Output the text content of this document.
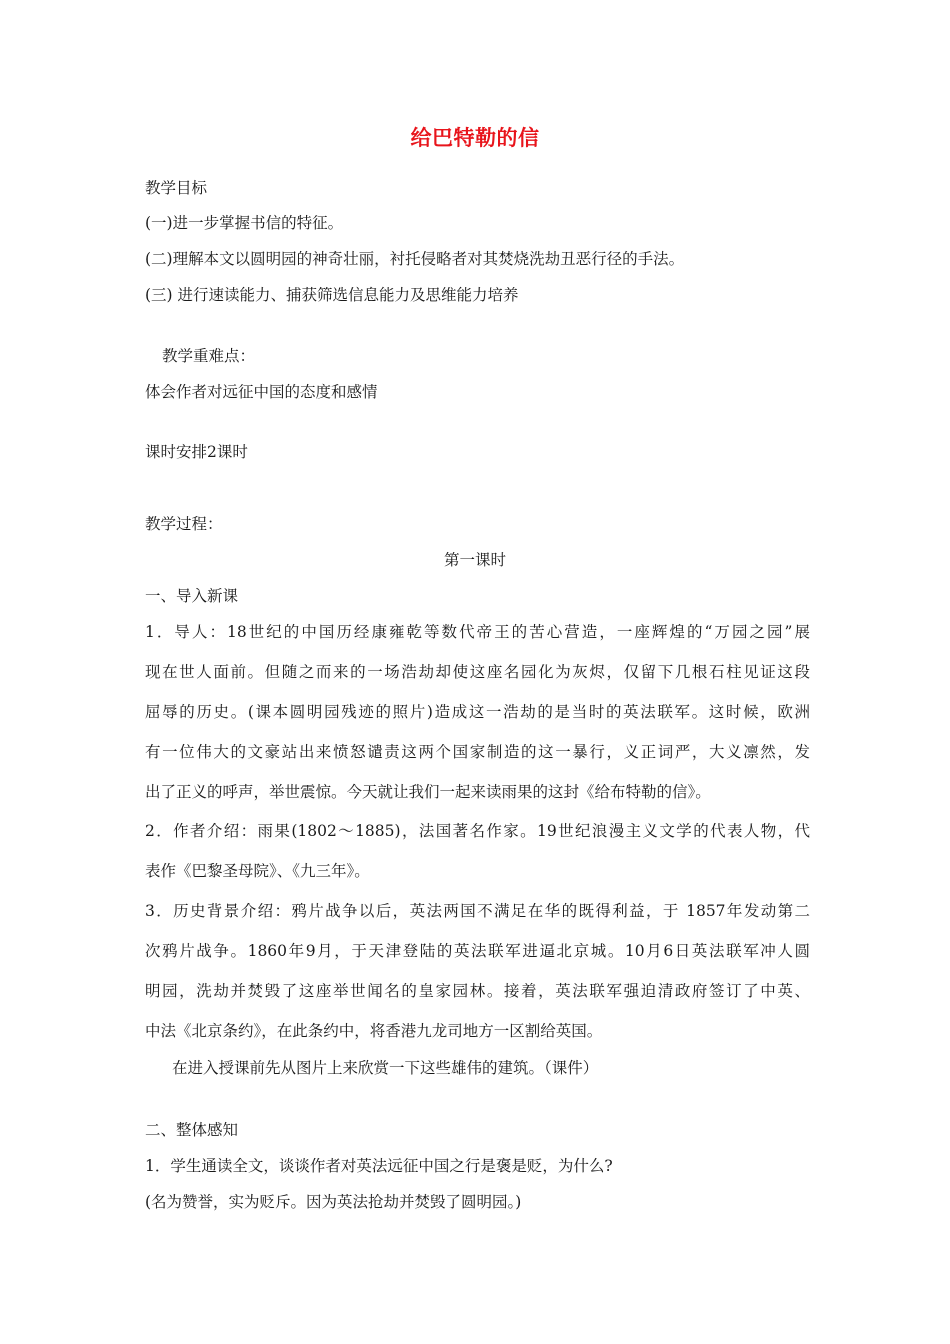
给巴特勒的信
教学目标
(一)进一步掌握书信的特征。
(二)理解本文以圆明园的神奇壮丽，衬托侵略者对其焚烧洗劫丑恶行径的手法。
(三) 进行速读能力、捕获筛选信息能力及思维能力培养
教学重难点：
体会作者对远征中国的态度和感情
课时安排2课时
教学过程：
第一课时
一、导入新课
1．导人：18世纪的中国历经康雍乾等数代帝王的苦心营造，一座辉煌的“万园之园”展
现在世人面前。但随之而来的一场浩劫却使这座名园化为灰烬，仅留下几根石柱见证这段
屈辱的历史。(课本圆明园残迹的照片)造成这一浩劫的是当时的英法联军。这时候，欧洲
有一位伟大的文豪站出来愤怒谴责这两个国家制造的这一暴行，义正词严，大义凛然，发
出了正义的呼声，举世震惊。今天就让我们一起来读雨果的这封《给布特勒的信》。
2．作者介绍：雨果(1802～1885)，法国著名作家。19世纪浪漫主义文学的代表人物，代
表作《巴黎圣母院》、《九三年》。
3．历史背景介绍：鸦片战争以后，英法两国不满足在华的既得利益，于 1857年发动第二
次鸦片战争。1860年9月，于天津登陆的英法联军进逼北京城。10月6日英法联军冲人圆
明园，洗劫并焚毁了这座举世闻名的皇家园林。接着，英法联军强迫清政府签订了中英、
中法《北京条约》，在此条约中，将香港九龙司地方一区割给英国。
在进入授课前先从图片上来欣赏一下这些雄伟的建筑。（课件）
二、整体感知
1．学生通读全文，谈谈作者对英法远征中国之行是褒是贬，为什么?
(名为赞誉，实为贬斥。因为英法抢劫并焚毁了圆明园。)
